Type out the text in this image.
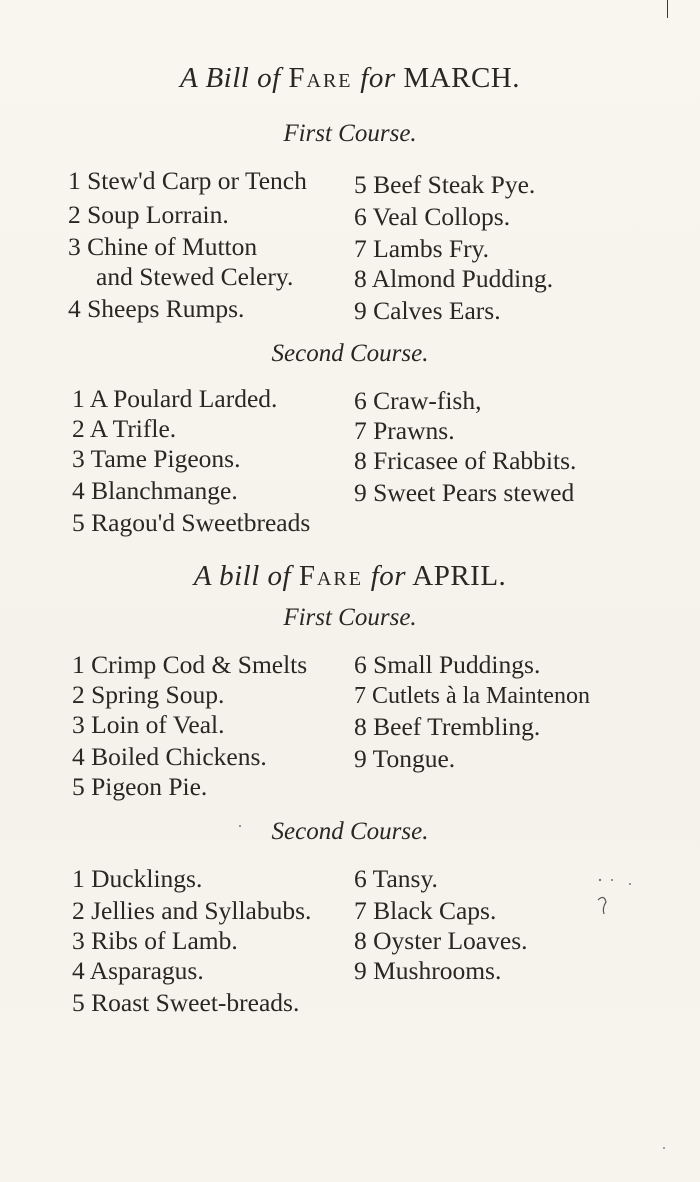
A Bill of Fare for MARCH.
First Course.
1 Stew'd Carp or Tench
2 Soup Lorrain.
3 Chine of Mutton
and Stewed Celery.
4 Sheeps Rumps.
5 Beef Steak Pye.
6 Veal Collops.
7 Lambs Fry.
8 Almond Pudding.
9 Calves Ears.
Second Course.
1 A Poulard Larded.
2 A Trifle.
3 Tame Pigeons.
4 Blanchmange.
5 Ragou'd Sweetbreads
6 Craw-fish,
7 Prawns.
8 Fricasee of Rabbits.
9 Sweet Pears stewed
A bill of Fare for APRIL.
First Course.
1 Crimp Cod & Smelts
2 Spring Soup.
3 Loin of Veal.
4 Boiled Chickens.
5 Pigeon Pie.
6 Small Puddings.
7 Cutlets à la Maintenon
8 Beef Trembling.
9 Tongue.
Second Course.
1 Ducklings.
2 Jellies and Syllabubs.
3 Ribs of Lamb.
4 Asparagus.
5 Roast Sweet-breads.
6 Tansy.
7 Black Caps.
8 Oyster Loaves.
9 Mushrooms.
